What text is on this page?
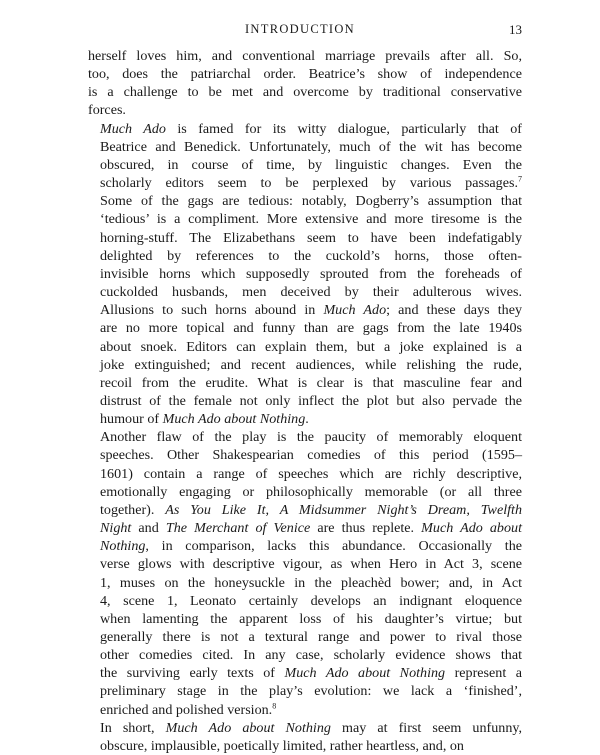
INTRODUCTION	13

herself loves him, and conventional marriage prevails after all. So,
too, does the patriarchal order. Beatrice’s show of independence
is a challenge to be met and overcome by traditional conservative
forces.

Much Ado is famed for its witty dialogue, particularly that of
Beatrice and Benedick. Unfortunately, much of the wit has become
obscured, in course of time, by linguistic changes. Even the
scholarly editors seem to be perplexed by various passages.$^7$
Some of the gags are tedious: notably, Dogberry’s assumption that
‘tedious’ is a compliment. More extensive and more tiresome is the
horning-stuff. The Elizabethans seem to have been indefatigably
delighted by references to the cuckold’s horns, those often-
invisible horns which supposedly sprouted from the foreheads of
cuckolded husbands, men deceived by their adulterous wives.
Allusions to such horns abound in Much Ado; and these days they
are no more topical and funny than are gags from the late 1940s
about snoek. Editors can explain them, but a joke explained is a
joke extinguished; and recent audiences, while relishing the rude,
recoil from the erudite. What is clear is that masculine fear and
distrust of the female not only inflect the plot but also pervade the
humour of Much Ado about Nothing.

Another flaw of the play is the paucity of memorably eloquent
speeches. Other Shakespearian comedies of this period (1595–
1601) contain a range of speeches which are richly descriptive,
emotionally engaging or philosophically memorable (or all three
together). As You Like It, A Midsummer Night’s Dream, Twelfth
Night and The Merchant of Venice are thus replete. Much Ado about
Nothing, in comparison, lacks this abundance. Occasionally the
verse glows with descriptive vigour, as when Hero in Act 3, scene
1, muses on the honeysuckle in the pleachèd bower; and, in Act
4, scene 1, Leonato certainly develops an indignant eloquence
when lamenting the apparent loss of his daughter’s virtue; but
generally there is not a textural range and power to rival those
other comedies cited. In any case, scholarly evidence shows that
the surviving early texts of Much Ado about Nothing represent a
preliminary stage in the play’s evolution: we lack a ‘finished’,
enriched and polished version.$^8$

In short, Much Ado about Nothing may at first seem unfunny,
obscure, implausible, poetically limited, rather heartless, and, on
